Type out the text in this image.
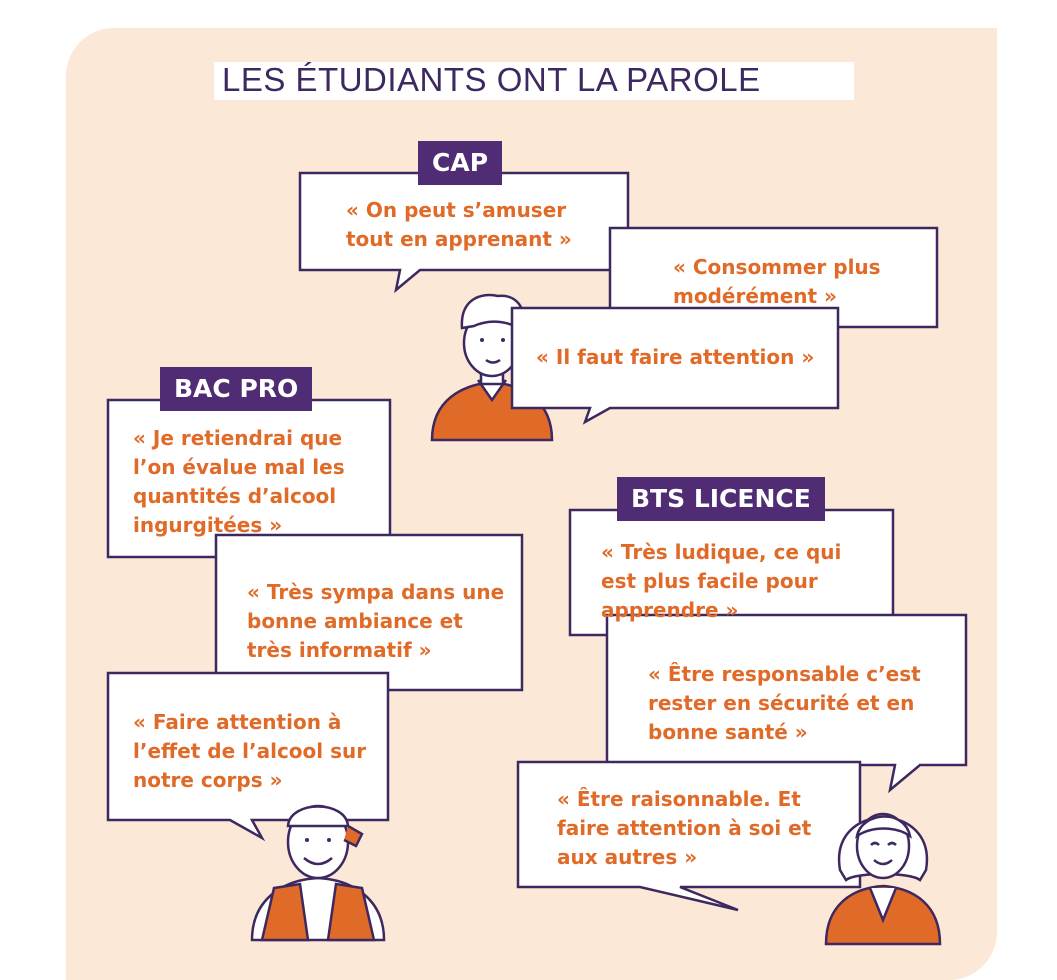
LES ÉTUDIANTS ONT LA PAROLE
CAP
BAC PRO
BTS LICENCE

« On peut s’amuser tout en apprenant »

« Consommer plus modérément »

« Il faut faire attention »

« Je retiendrai que l’on évalue mal les quantités d’alcool ingurgitées »

« Très sympa dans une bonne ambiance et très informatif »

« Faire attention à l’effet de l’alcool sur notre corps »

« Très ludique, ce qui est plus facile pour apprendre »

« Être responsable c’est rester en sécurité et en bonne santé »

« Être raisonnable. Et faire attention à soi et aux autres »
